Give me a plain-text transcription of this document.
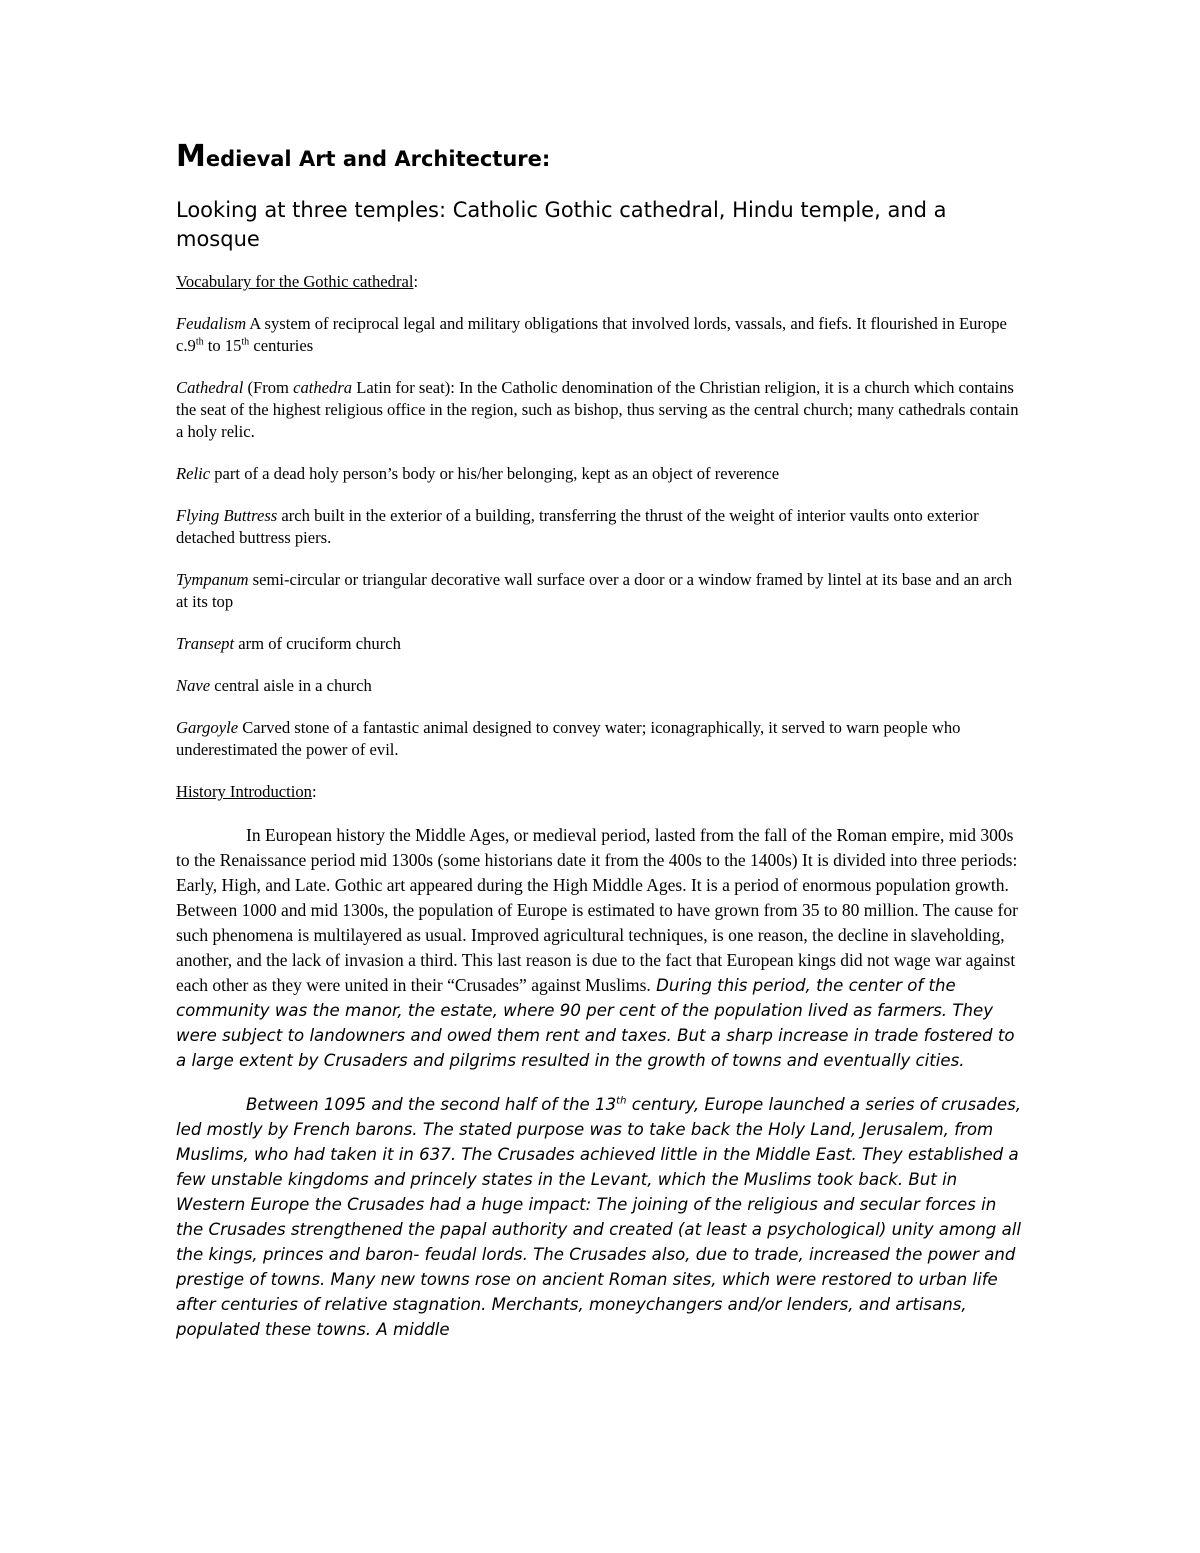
Medieval Art and Architecture:
Looking at three temples: Catholic Gothic cathedral, Hindu temple, and a mosque
Vocabulary for the Gothic cathedral:
Feudalism A system of reciprocal legal and military obligations that involved lords, vassals, and fiefs. It flourished in Europe c.9th to 15th centuries
Cathedral (From cathedra Latin for seat): In the Catholic denomination of the Christian religion, it is a church which contains the seat of the highest religious office in the region, such as bishop, thus serving as the central church; many cathedrals contain a holy relic.
Relic part of a dead holy person’s body or his/her belonging, kept as an object of reverence
Flying Buttress arch built in the exterior of a building, transferring the thrust of the weight of interior vaults onto exterior detached buttress piers.
Tympanum semi-circular or triangular decorative wall surface over a door or a window framed by lintel at its base and an arch at its top
Transept arm of cruciform church
Nave central aisle in a church
Gargoyle Carved stone of a fantastic animal designed to convey water; iconagraphically, it served to warn people who underestimated the power of evil.
History Introduction:

In European history the Middle Ages, or medieval period, lasted from the fall of the Roman empire, mid 300s to the Renaissance period mid 1300s (some historians date it from the 400s to the 1400s) It is divided into three periods: Early, High, and Late. Gothic art appeared during the High Middle Ages. It is a period of enormous population growth. Between 1000 and mid 1300s, the population of Europe is estimated to have grown from 35 to 80 million. The cause for such phenomena is multilayered as usual. Improved agricultural techniques, is one reason, the decline in slaveholding, another, and the lack of invasion a third. This last reason is due to the fact that European kings did not wage war against each other as they were united in their “Crusades” against Muslims. During this period, the center of the community was the manor, the estate, where 90 per cent of the population lived as farmers. They were subject to landowners and owed them rent and taxes. But a sharp increase in trade fostered to a large extent by Crusaders and pilgrims resulted in the growth of towns and eventually cities.

Between 1095 and the second half of the 13th century, Europe launched a series of crusades, led mostly by French barons. The stated purpose was to take back the Holy Land, Jerusalem, from Muslims, who had taken it in 637. The Crusades achieved little in the Middle East. They established a few unstable kingdoms and princely states in the Levant, which the Muslims took back. But in Western Europe the Crusades had a huge impact: The joining of the religious and secular forces in the Crusades strengthened the papal authority and created (at least a psychological) unity among all the kings, princes and baron- feudal lords. The Crusades also, due to trade, increased the power and prestige of towns. Many new towns rose on ancient Roman sites, which were restored to urban life after centuries of relative stagnation. Merchants, moneychangers and/or lenders, and artisans, populated these towns. A middle
